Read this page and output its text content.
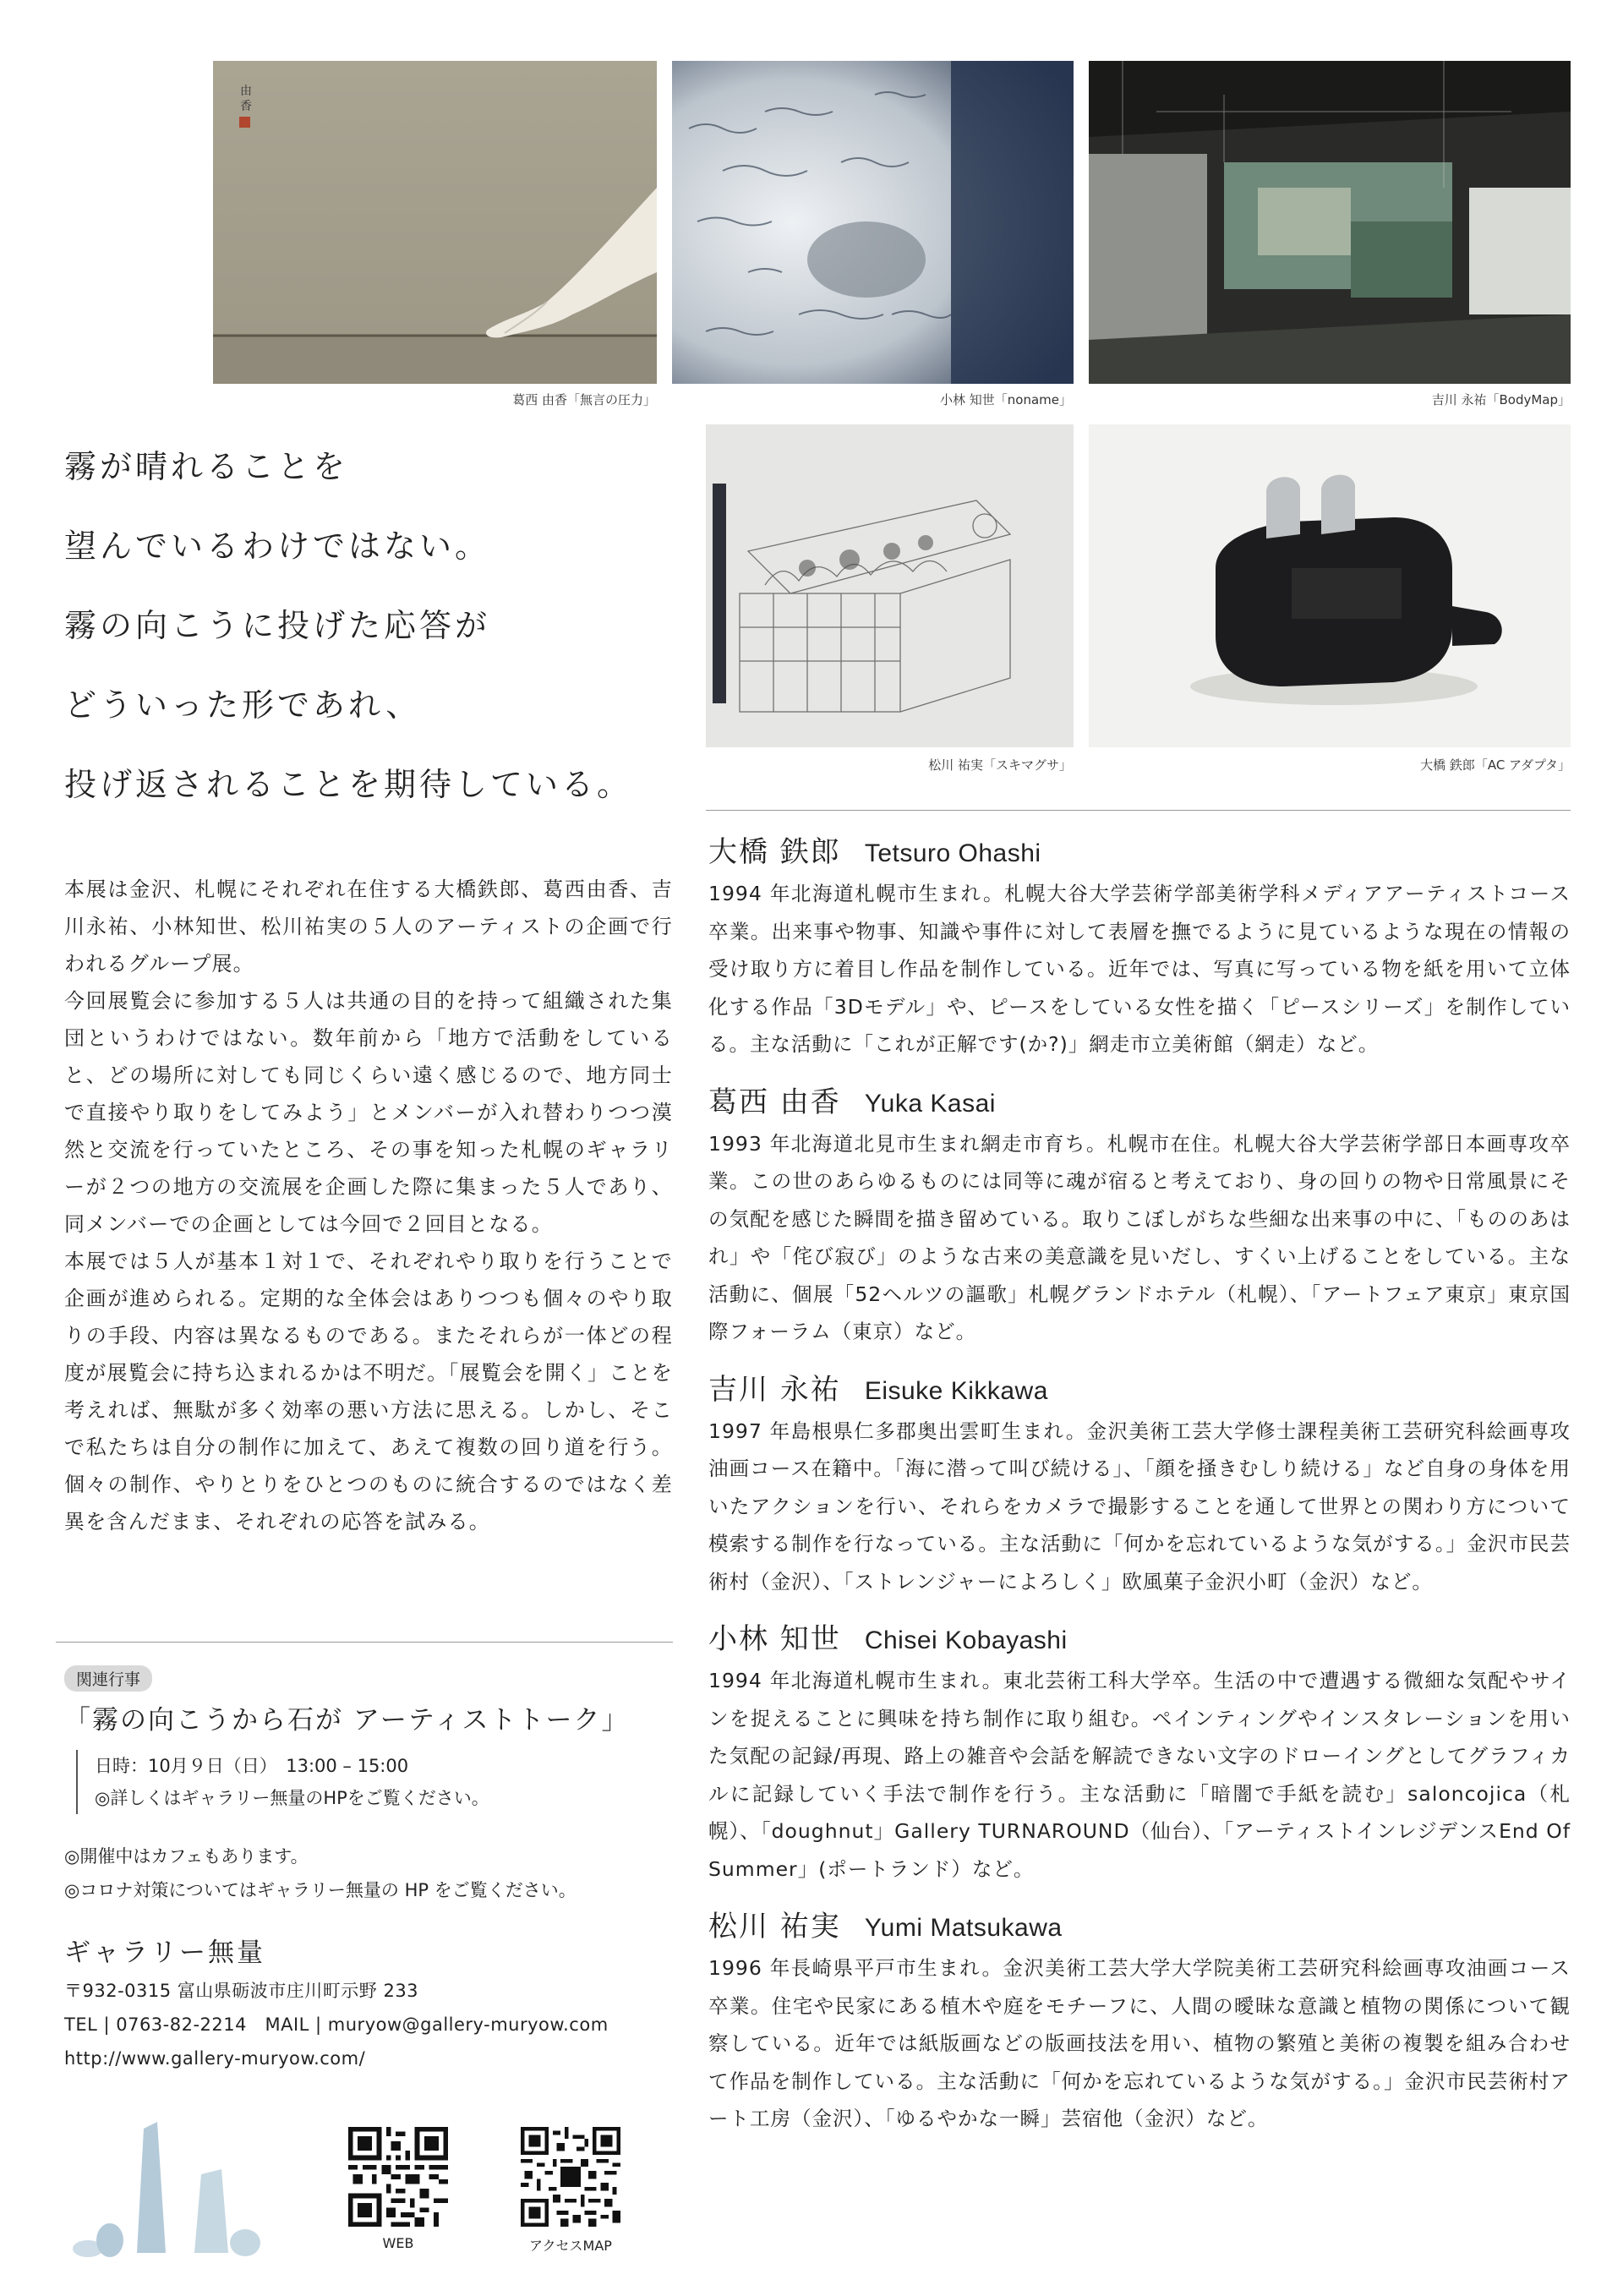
由
香
葛西 由香「無言の圧力」	小林 知世「noname」	吉川 永祐「BodyMap」
霧が晴れることを
望んでいるわけではない。
霧の向こうに投げた応答が
どういった形であれ、
投げ返されることを期待している。
松川 祐実「スキマグサ」	大橋 鉄郎「AC アダプタ」

本展は金沢、札幌にそれぞれ在住する大橋鉄郎、葛西由香、吉川永祐、小林知世、松川祐実の５人のアーティストの企画で行われるグループ展。

今回展覧会に参加する５人は共通の目的を持って組織された集団というわけではない。数年前から「地方で活動をしていると、どの場所に対しても同じくらい遠く感じるので、地方同士で直接やり取りをしてみよう」とメンバーが入れ替わりつつ漠然と交流を行っていたところ、その事を知った札幌のギャラリーが２つの地方の交流展を企画した際に集まった５人であり、同メンバーでの企画としては今回で２回目となる。

本展では５人が基本１対１で、それぞれやり取りを行うことで企画が進められる。定期的な全体会はありつつも個々のやり取りの手段、内容は異なるものである。またそれらが一体どの程度が展覧会に持ち込まれるかは不明だ。「展覧会を開く」ことを考えれば、無駄が多く効率の悪い方法に思える。しかし、そこで私たちは自分の制作に加えて、あえて複数の回り道を行う。個々の制作、やりとりをひとつのものに統合するのではなく差異を含んだまま、それぞれの応答を試みる。

関連行事
「霧の向こうから石が アーティストトーク」
日時：10月９日（日）　13:00 – 15:00
◎詳しくはギャラリー無量のHPをご覧ください。
◎開催中はカフェもあります。
◎コロナ対策についてはギャラリー無量の HP をご覧ください。
ギャラリー無量
〒932-0315 富山県砺波市庄川町示野 233
TEL | 0763-82-2214　MAIL | muryow@gallery-muryow.com
http://www.gallery-muryow.com/
WEB	アクセスMAP
大橋 鉄郎 Tetsuro Ohashi

1994 年北海道札幌市生まれ。札幌大谷大学芸術学部美術学科メディアアーティストコース卒業。出来事や物事、知識や事件に対して表層を撫でるように見ているような現在の情報の受け取り方に着目し作品を制作している。近年では、写真に写っている物を紙を用いて立体化する作品「3Dモデル」や、ピースをしている女性を描く「ピースシリーズ」を制作している。主な活動に「これが正解です(か?)」網走市立美術館（網走）など。

葛西 由香 Yuka Kasai

1993 年北海道北見市生まれ網走市育ち。札幌市在住。札幌大谷大学芸術学部日本画専攻卒業。この世のあらゆるものには同等に魂が宿ると考えており、身の回りの物や日常風景にその気配を感じた瞬間を描き留めている。取りこぼしがちな些細な出来事の中に、「もののあはれ」や「侘び寂び」のような古来の美意識を見いだし、すくい上げることをしている。主な活動に、個展「52ヘルツの謳歌」札幌グランドホテル（札幌）、「アートフェア東京」東京国際フォーラム（東京）など。

吉川 永祐 Eisuke Kikkawa

1997 年島根県仁多郡奥出雲町生まれ。金沢美術工芸大学修士課程美術工芸研究科絵画専攻油画コース在籍中。「海に潜って叫び続ける」、「顔を掻きむしり続ける」など自身の身体を用いたアクションを行い、それらをカメラで撮影することを通して世界との関わり方について模索する制作を行なっている。主な活動に「何かを忘れているような気がする。」金沢市民芸術村（金沢）、「ストレンジャーによろしく」欧風菓子金沢小町（金沢）など。

小林 知世 Chisei Kobayashi

1994 年北海道札幌市生まれ。東北芸術工科大学卒。生活の中で遭遇する微細な気配やサインを捉えることに興味を持ち制作に取り組む。ペインティングやインスタレーションを用いた気配の記録/再現、路上の雑音や会話を解読できない文字のドローイングとしてグラフィカルに記録していく手法で制作を行う。主な活動に「暗闇で手紙を読む」saloncojica（札幌）、「doughnut」Gallery TURNAROUND（仙台）、「アーティストインレジデンスEnd Of Summer」(ポートランド）など。

松川 祐実 Yumi Matsukawa

1996 年長崎県平戸市生まれ。金沢美術工芸大学大学院美術工芸研究科絵画専攻油画コース卒業。住宅や民家にある植木や庭をモチーフに、人間の曖昧な意識と植物の関係について観察している。近年では紙版画などの版画技法を用い、植物の繁殖と美術の複製を組み合わせて作品を制作している。主な活動に「何かを忘れているような気がする。」金沢市民芸術村アート工房（金沢）、「ゆるやかな一瞬」芸宿他（金沢）など。
